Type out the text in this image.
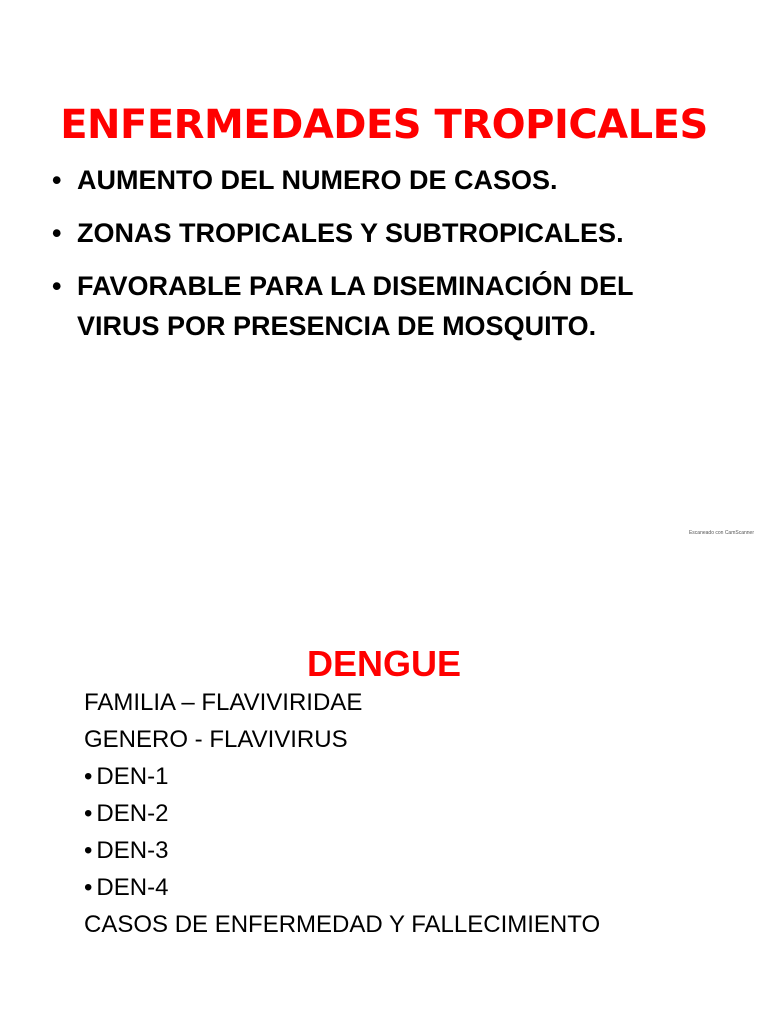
ENFERMEDADES TROPICALES
• AUMENTO DEL NUMERO DE CASOS.
• ZONAS TROPICALES Y SUBTROPICALES.
• FAVORABLE PARA LA DISEMINACIÓN DEL
VIRUS POR PRESENCIA DE MOSQUITO.
Escaneado con CamScanner
DENGUE
FAMILIA – FLAVIVIRIDAE
GENERO - FLAVIVIRUS
• DEN-1
• DEN-2
• DEN-3
• DEN-4
CASOS DE ENFERMEDAD Y FALLECIMIENTO
